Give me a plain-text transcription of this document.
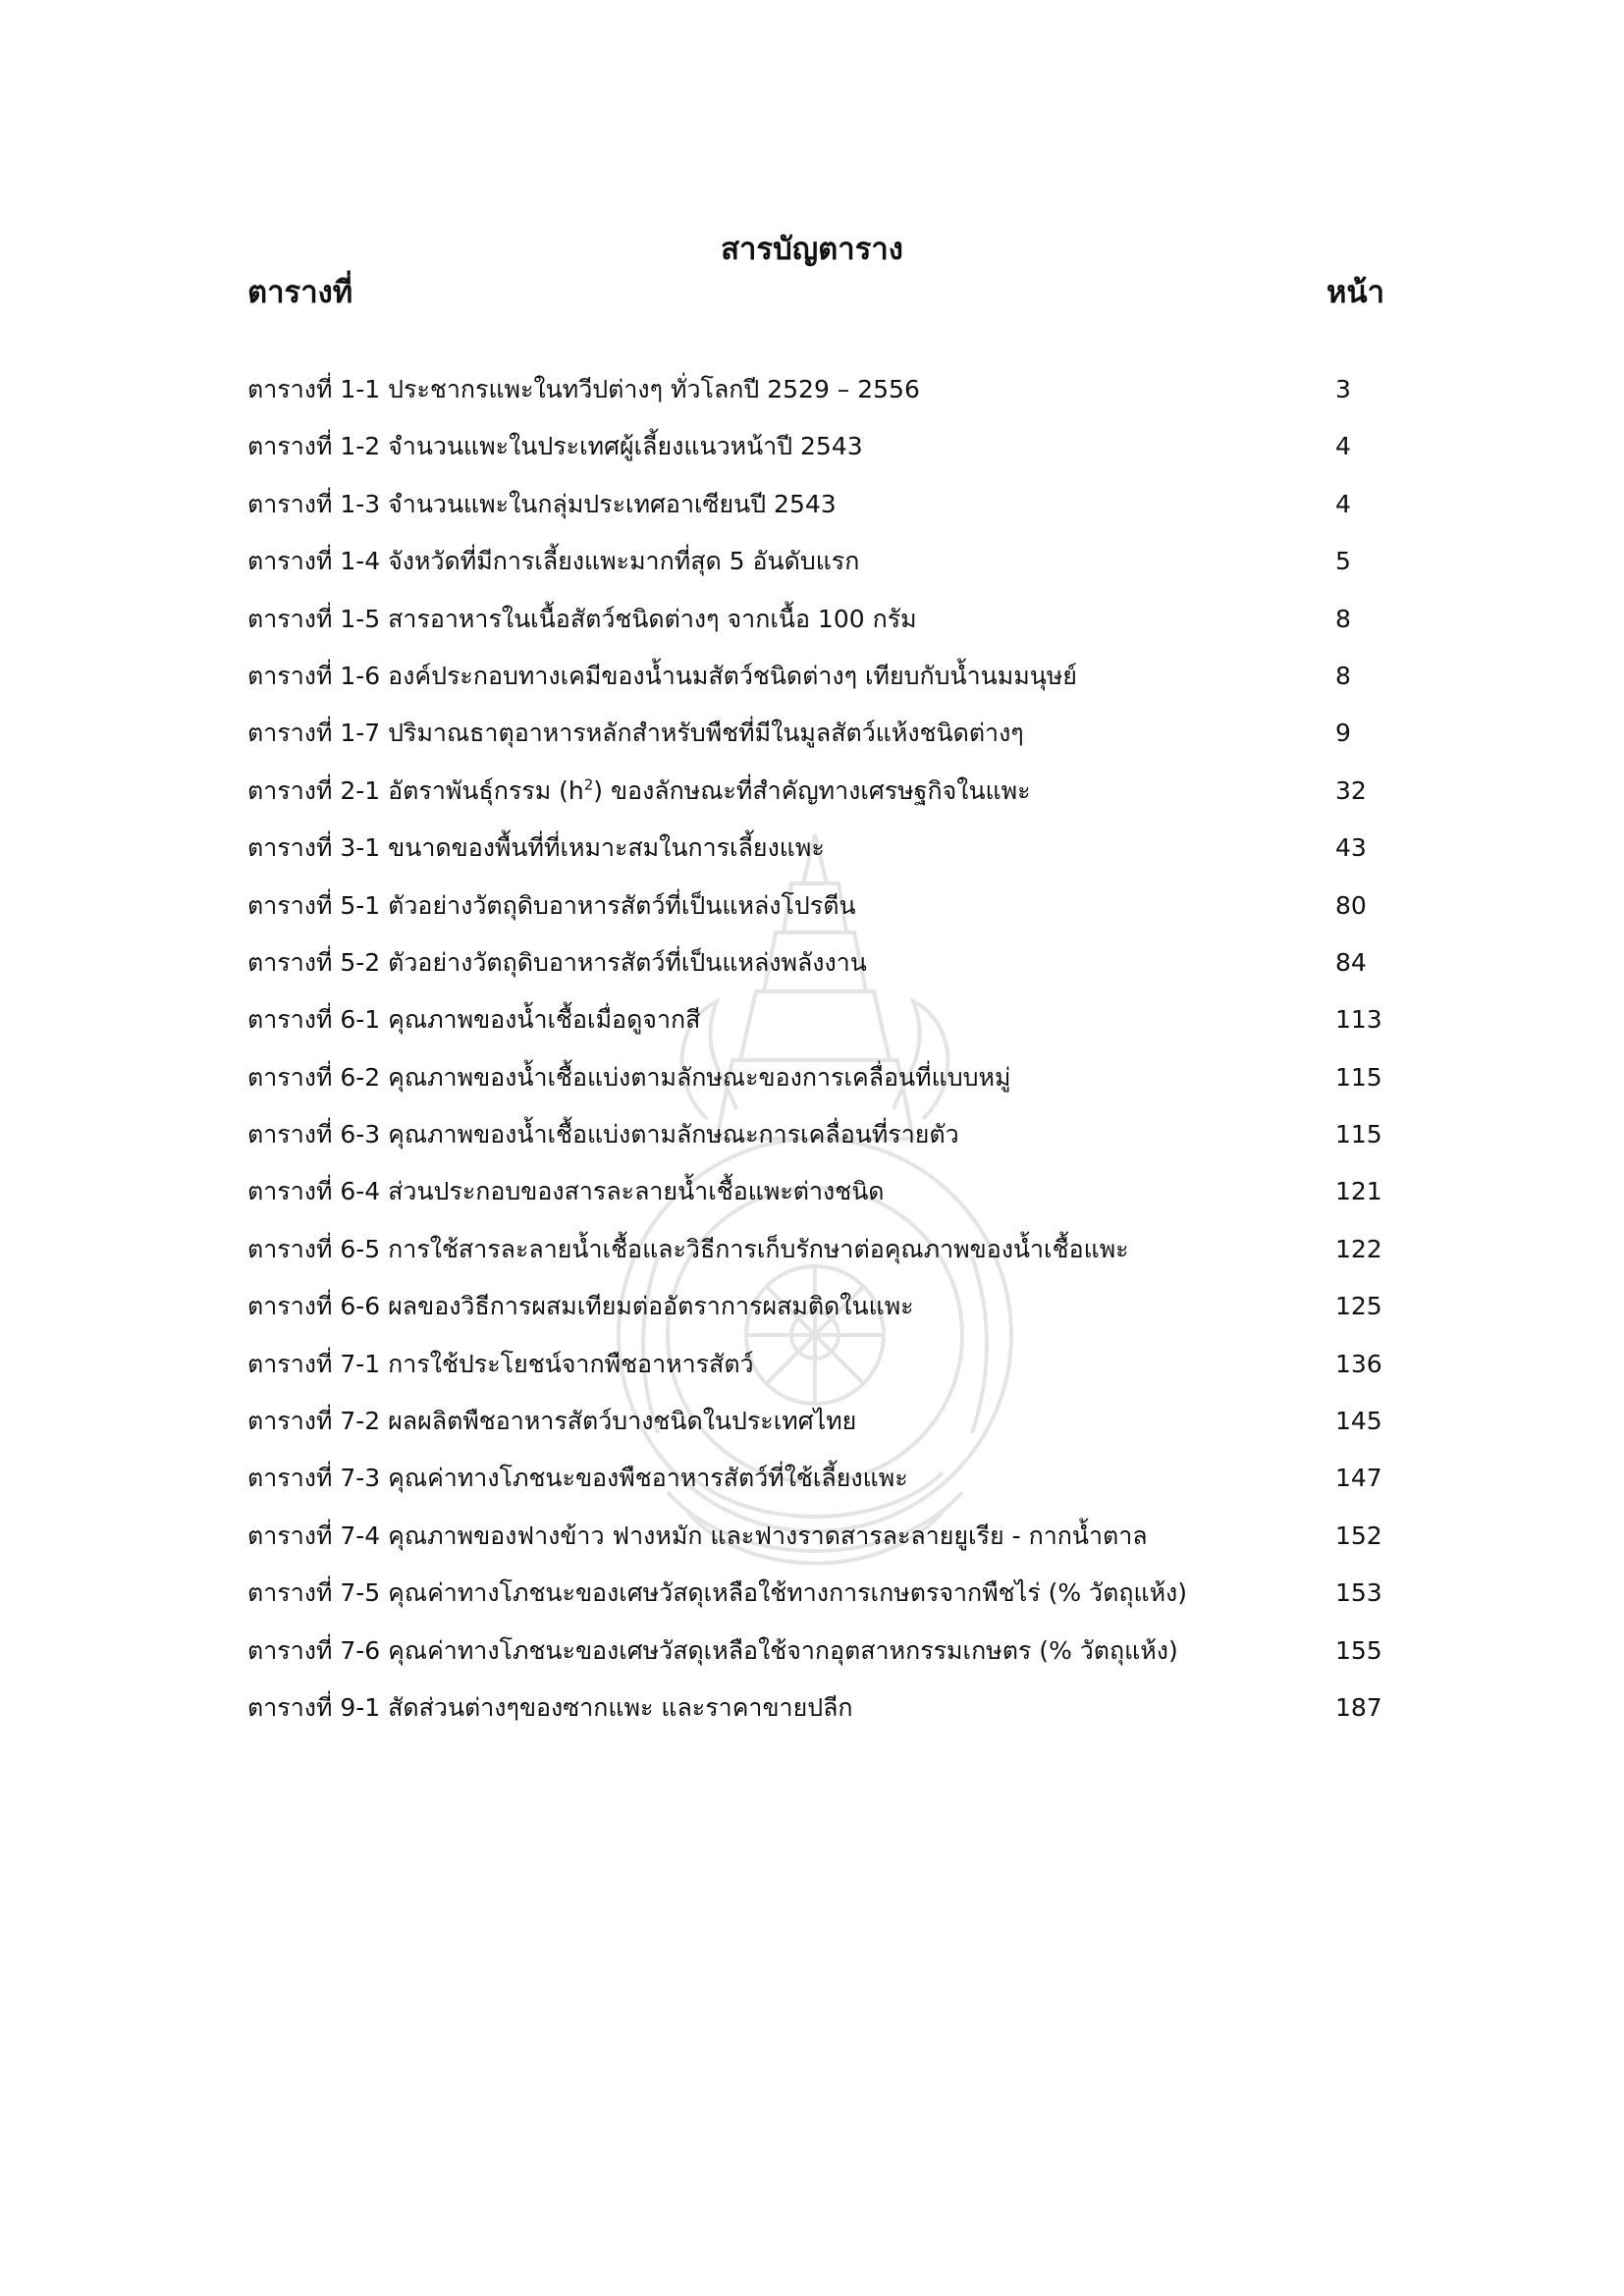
สารบัญตาราง
ตารางที่	หน้า
ตารางที่ 1-1 ประชากรแพะในทวีปต่างๆ ทั่วโลกปี 2529 – 2556	3
ตารางที่ 1-2 จำนวนแพะในประเทศผู้เลี้ยงแนวหน้าปี 2543	4
ตารางที่ 1-3 จำนวนแพะในกลุ่มประเทศอาเซียนปี 2543	4
ตารางที่ 1-4 จังหวัดที่มีการเลี้ยงแพะมากที่สุด 5 อันดับแรก	5
ตารางที่ 1-5 สารอาหารในเนื้อสัตว์ชนิดต่างๆ จากเนื้อ 100 กรัม	8
ตารางที่ 1-6 องค์ประกอบทางเคมีของน้ำนมสัตว์ชนิดต่างๆ เทียบกับน้ำนมมนุษย์	8
ตารางที่ 1-7 ปริมาณธาตุอาหารหลักสำหรับพืชที่มีในมูลสัตว์แห้งชนิดต่างๆ	9
ตารางที่ 2-1 อัตราพันธุ์กรรม $(h^2)$ ของลักษณะที่สำคัญทางเศรษฐกิจในแพะ	32
ตารางที่ 3-1 ขนาดของพื้นที่ที่เหมาะสมในการเลี้ยงแพะ	43
ตารางที่ 5-1 ตัวอย่างวัตถุดิบอาหารสัตว์ที่เป็นแหล่งโปรตีน	80
ตารางที่ 5-2 ตัวอย่างวัตถุดิบอาหารสัตว์ที่เป็นแหล่งพลังงาน	84
ตารางที่ 6-1 คุณภาพของน้ำเชื้อเมื่อดูจากสี	113
ตารางที่ 6-2 คุณภาพของน้ำเชื้อแบ่งตามลักษณะของการเคลื่อนที่แบบหมู่	115
ตารางที่ 6-3 คุณภาพของน้ำเชื้อแบ่งตามลักษณะการเคลื่อนที่รายตัว	115
ตารางที่ 6-4 ส่วนประกอบของสารละลายน้ำเชื้อแพะต่างชนิด	121
ตารางที่ 6-5 การใช้สารละลายน้ำเชื้อและวิธีการเก็บรักษาต่อคุณภาพของน้ำเชื้อแพะ	122
ตารางที่ 6-6 ผลของวิธีการผสมเทียมต่ออัตราการผสมติดในแพะ	125
ตารางที่ 7-1 การใช้ประโยชน์จากพืชอาหารสัตว์	136
ตารางที่ 7-2 ผลผลิตพืชอาหารสัตว์บางชนิดในประเทศไทย	145
ตารางที่ 7-3 คุณค่าทางโภชนะของพืชอาหารสัตว์ที่ใช้เลี้ยงแพะ	147
ตารางที่ 7-4 คุณภาพของฟางข้าว ฟางหมัก และฟางราดสารละลายยูเรีย - กากน้ำตาล	152
ตารางที่ 7-5 คุณค่าทางโภชนะของเศษวัสดุเหลือใช้ทางการเกษตรจากพืชไร่ (% วัตถุแห้ง)	153
ตารางที่ 7-6 คุณค่าทางโภชนะของเศษวัสดุเหลือใช้จากอุตสาหกรรมเกษตร (% วัตถุแห้ง)	155
ตารางที่ 9-1 สัดส่วนต่างๆของซากแพะ และราคาขายปลีก	187
